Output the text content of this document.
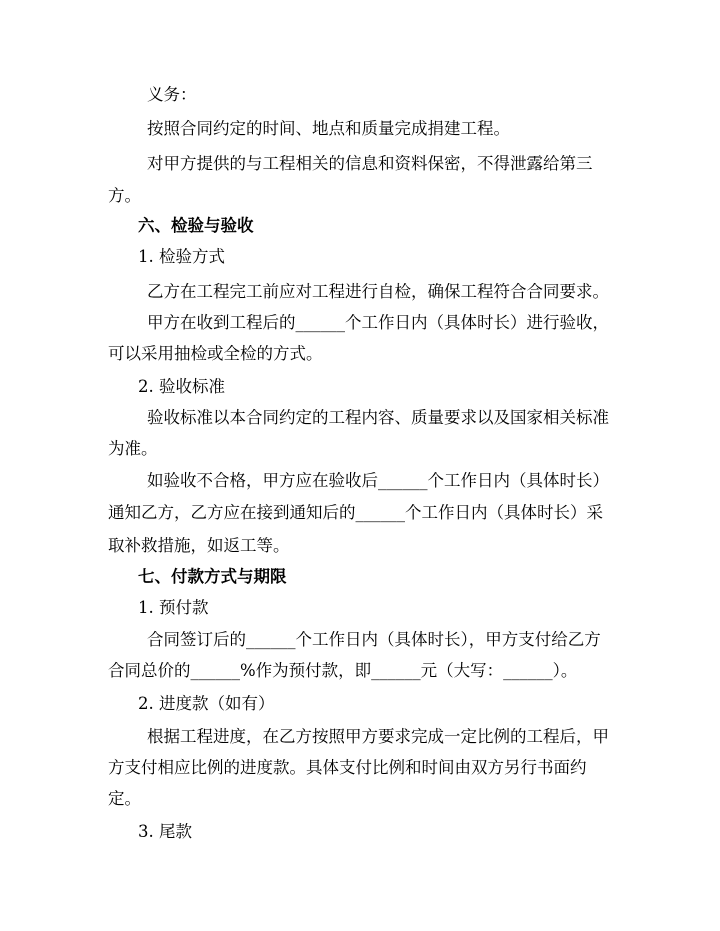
义务：
按照合同约定的时间、地点和质量完成捐建工程。
对甲方提供的与工程相关的信息和资料保密，不得泄露给第三
方。
六、检验与验收
1. 检验方式
乙方在工程完工前应对工程进行自检，确保工程符合合同要求。
甲方在收到工程后的______个工作日内（具体时长）进行验收，
可以采用抽检或全检的方式。
2. 验收标准
验收标准以本合同约定的工程内容、质量要求以及国家相关标准
为准。
如验收不合格，甲方应在验收后______个工作日内（具体时长）
通知乙方，乙方应在接到通知后的______个工作日内（具体时长）采
取补救措施，如返工等。
七、付款方式与期限
1. 预付款
合同签订后的______个工作日内（具体时长），甲方支付给乙方
合同总价的______%作为预付款，即______元（大写：______）。
2. 进度款（如有）
根据工程进度，在乙方按照甲方要求完成一定比例的工程后，甲
方支付相应比例的进度款。具体支付比例和时间由双方另行书面约
定。
3. 尾款
